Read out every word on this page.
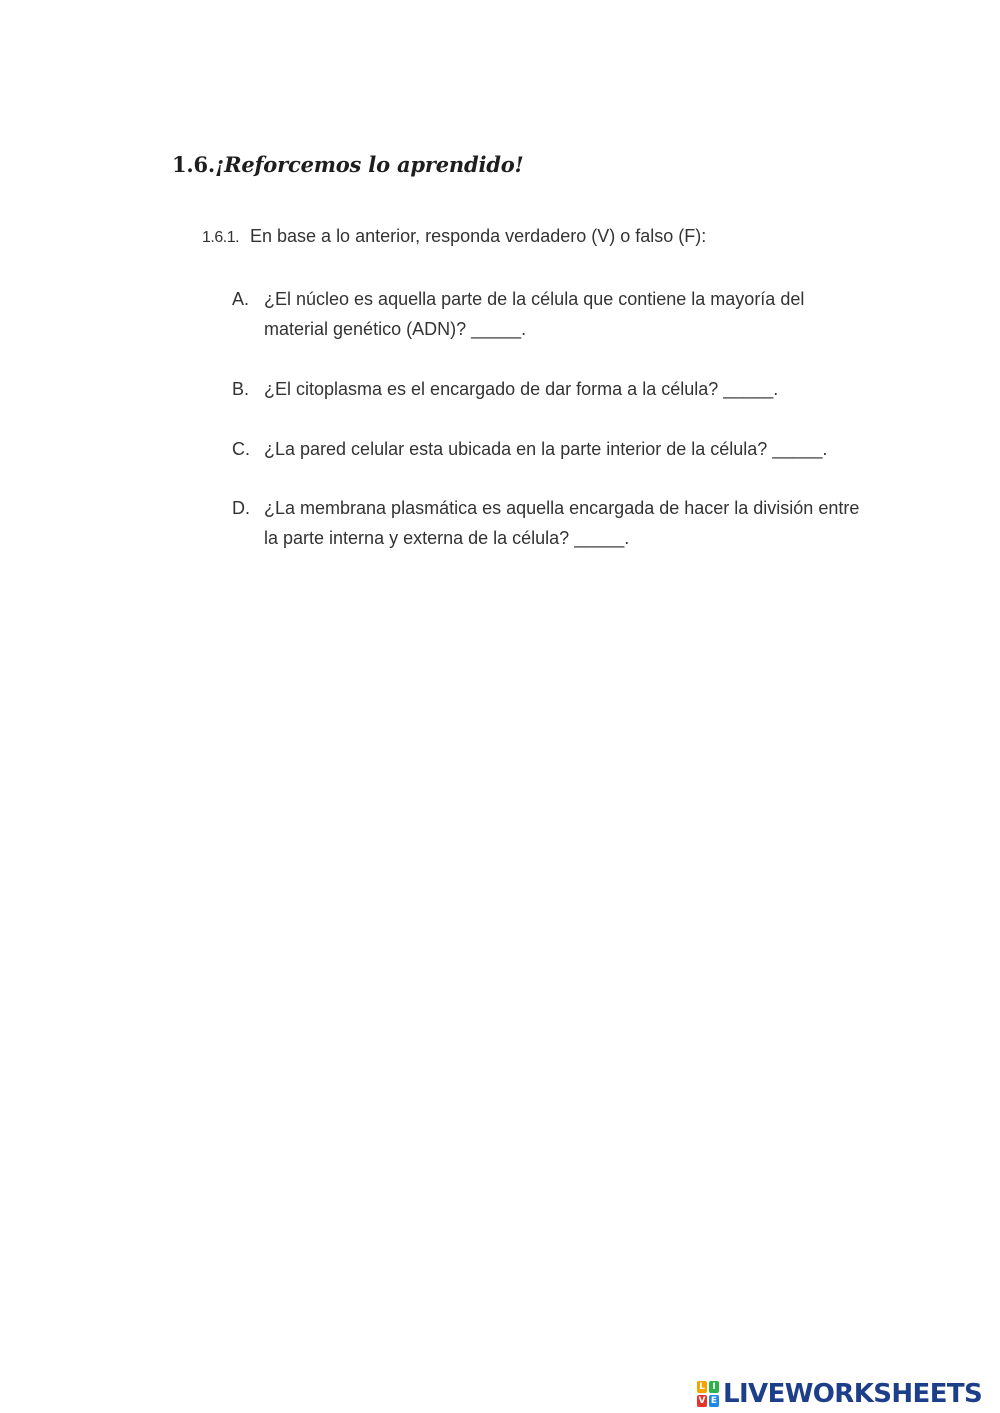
1.6.¡Reforcemos lo aprendido!
1.6.1. En base a lo anterior, responda verdadero (V) o falso (F):
A. ¿El núcleo es aquella parte de la célula que contiene la mayoría del material genético (ADN)? _____.
B. ¿El citoplasma es el encargado de dar forma a la célula? _____.
C. ¿La pared celular esta ubicada en la parte interior de la célula? _____.
D. ¿La membrana plasmática es aquella encargada de hacer la división entre la parte interna y externa de la célula? _____.
L I
V E LIVEWORKSHEETS
